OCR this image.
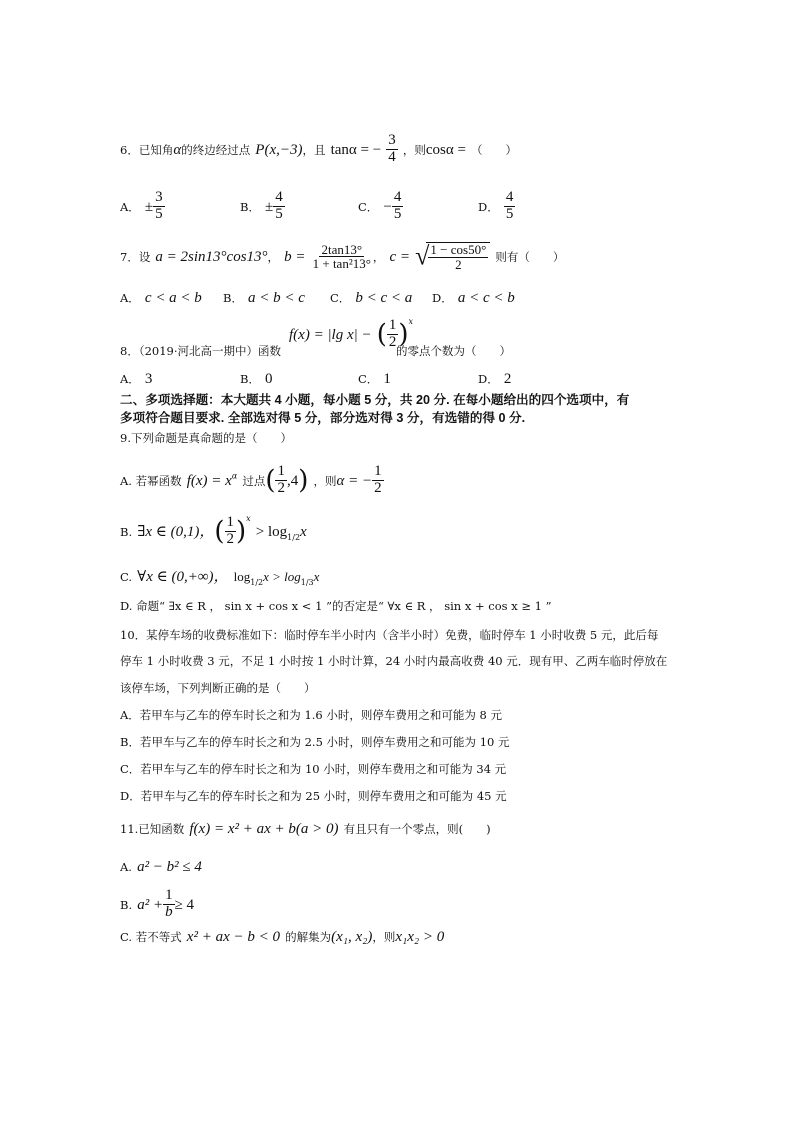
6．已知角α的终边经过点 P(x,−3)，且 tanα = − $\frac{3}{4}$ ，则cosα = （　　）
A． ± $\frac{3}{5}$	B． ± $\frac{4}{5}$	C． − $\frac{4}{5}$	D． $\frac{4}{5}$
7．设 a = 2sin13°cos13°， $b = \frac{2\tan 13^\circ}{\text{1 + tan²13°}}$ ， c = √ $\frac{1 - \cos 50^\circ}{2}$ 则有（　　）
A． c < a < b B． a < b < c C． b < c < a D． a < c < b
f(x) = |lg x| − ( $\frac{1}{2} )^x$
8．（2019·河北高一期中）函数	的零点个数为（　　）
A． 3	B． 0	C． 1	D． 2
二、多项选择题：本大题共 4 小题，每小题 5 分，共 20 分. 在每小题给出的四个选项中，有
多项符合题目要求. 全部选对得 5 分，部分选对得 3 分，有选错的得 0 分.
9.下列命题是真命题的是（　　）
A. 若幂函数 $f(x) = x^\alpha$ 过点( $\frac{1}{2} ,4$) ，则α = − $\frac{1}{2}$
B. ∃x ∈ (0,1)，( $\frac{1}{2} )^x > \log_{1/2}x$
C. ∀x ∈ (0,+∞)， $\log_{1/2}x > \log_{1/3}x$
D. 命题“ ∃x ∈ R ， sin x + cos x < 1 ”的否定是“ ∀x ∈ R ， sin x + cos x ≥ 1 ”
10．某停车场的收费标准如下：临时停车半小时内（含半小时）免费，临时停车 1 小时收费 5 元，此后每
停车 1 小时收费 3 元，不足 1 小时按 1 小时计算，24 小时内最高收费 40 元．现有甲、乙两车临时停放在
该停车场，下列判断正确的是（　　）
A．若甲车与乙车的停车时长之和为 1.6 小时，则停车费用之和可能为 8 元
B．若甲车与乙车的停车时长之和为 2.5 小时，则停车费用之和可能为 10 元
C．若甲车与乙车的停车时长之和为 10 小时，则停车费用之和可能为 34 元
D．若甲车与乙车的停车时长之和为 25 小时，则停车费用之和可能为 45 元
11.已知函数 f(x) = x² + ax + b(a > 0) 有且只有一个零点，则(　　)
A. a² − b² ≤ 4
B. $a^2 + \frac{1}{b} \ge 4$
C. 若不等式 x² + ax − b < 0 的解集为(x₁, x₂)，则x₁x₂ > 0
